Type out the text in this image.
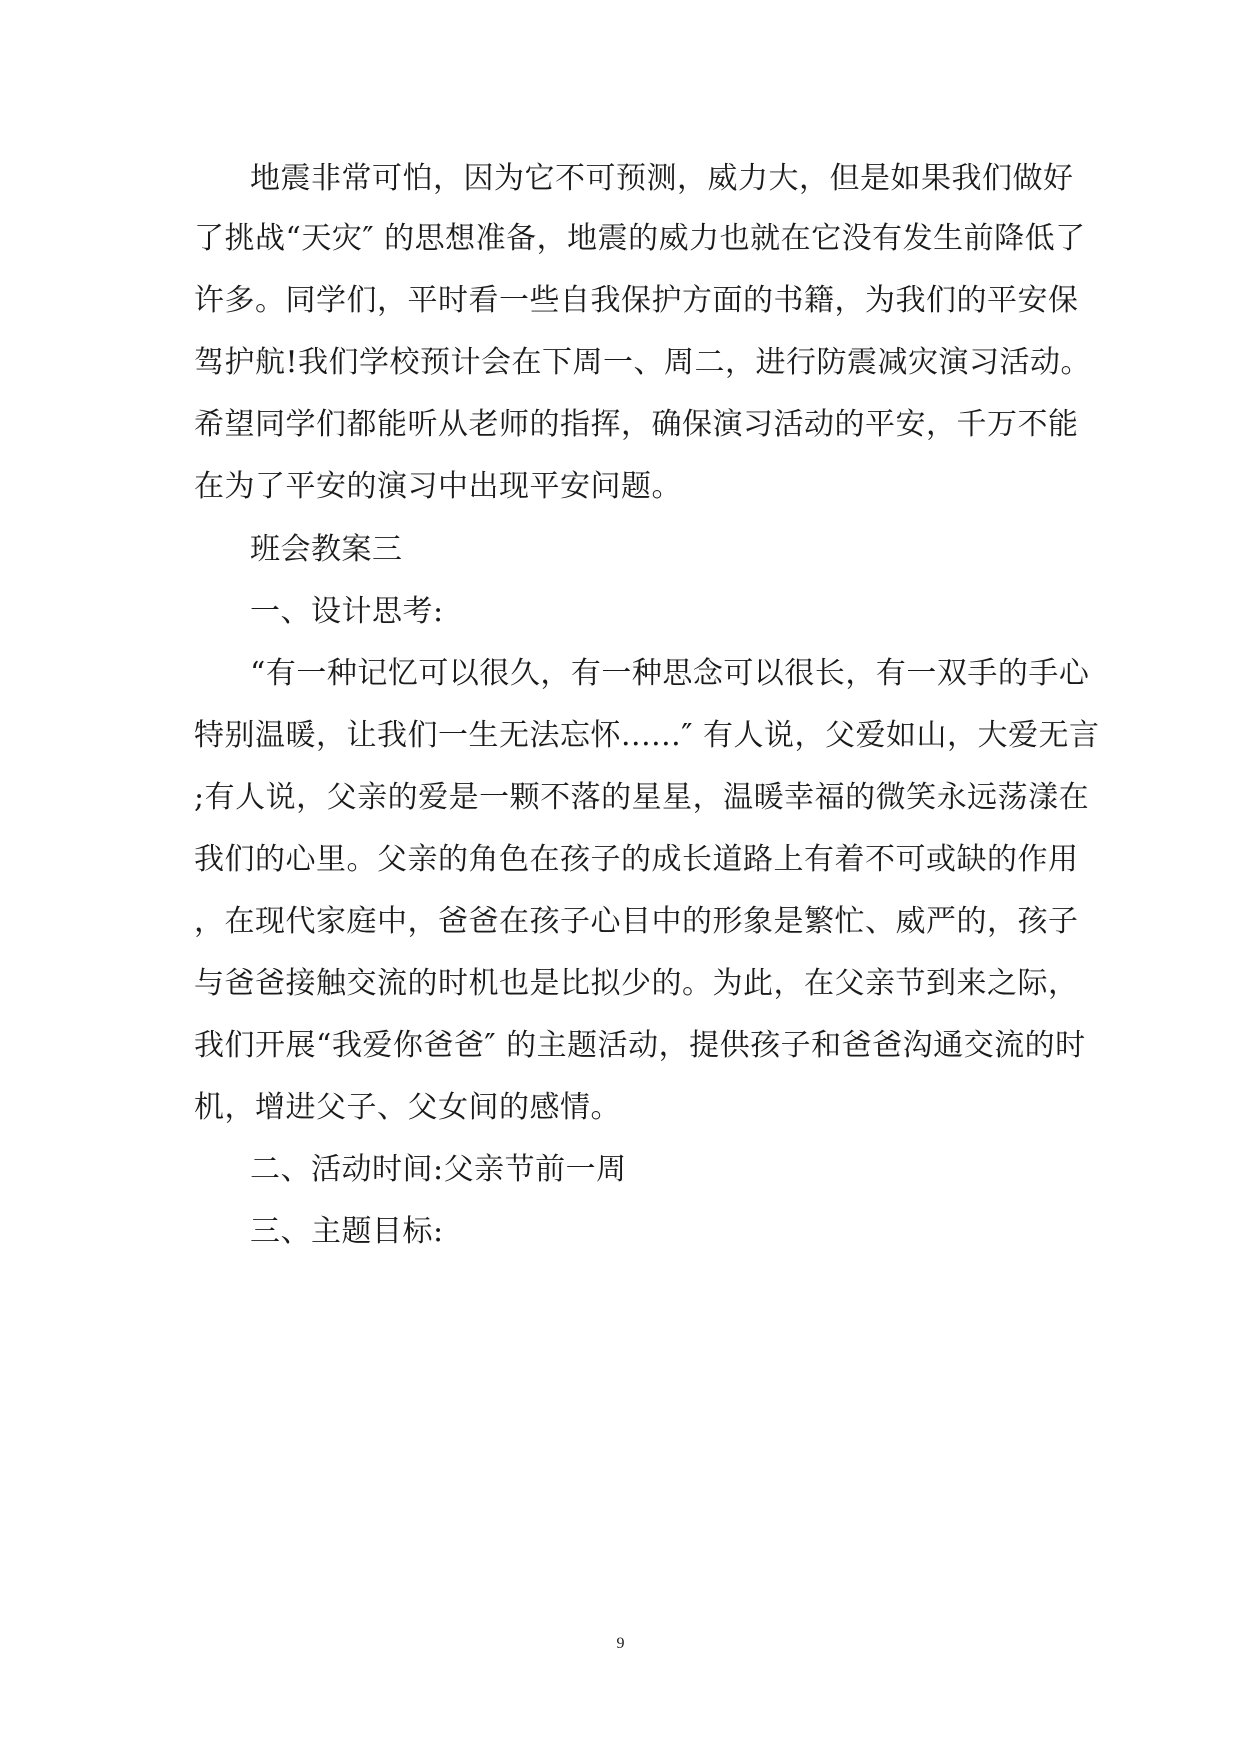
地震非常可怕，因为它不可预测，威力大，但是如果我们做好
了挑战“天灾″ 的思想准备，地震的威力也就在它没有发生前降低了
许多。同学们，平时看一些自我保护方面的书籍，为我们的平安保
驾护航!我们学校预计会在下周一、周二，进行防震减灾演习活动。
希望同学们都能听从老师的指挥，确保演习活动的平安，千万不能
在为了平安的演习中出现平安问题。
班会教案三
一、设计思考:
“有一种记忆可以很久，有一种思念可以很长，有一双手的手心
特别温暖，让我们一生无法忘怀......″ 有人说，父爱如山，大爱无言
;有人说，父亲的爱是一颗不落的星星，温暖幸福的微笑永远荡漾在
我们的心里。父亲的角色在孩子的成长道路上有着不可或缺的作用
，在现代家庭中，爸爸在孩子心目中的形象是繁忙、威严的，孩子
与爸爸接触交流的时机也是比拟少的。为此，在父亲节到来之际，
我们开展“我爱你爸爸″ 的主题活动，提供孩子和爸爸沟通交流的时
机，增进父子、父女间的感情。
二、活动时间:父亲节前一周
三、主题目标:
9
